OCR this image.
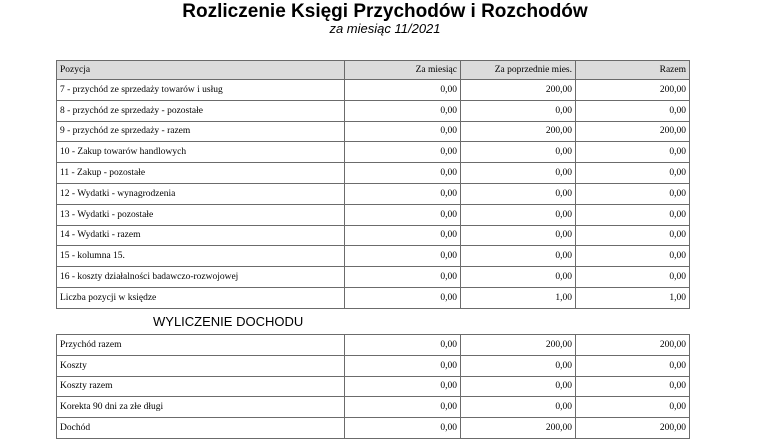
Rozliczenie Księgi Przychodów i Rozchodów
za miesiąc 11/2021
Pozycja	Za miesiąc	Za poprzednie mies.	Razem
7 - przychód ze sprzedaży towarów i usług	0,00	200,00	200,00
8 - przychód ze sprzedaży - pozostałe	0,00	0,00	0,00
9 - przychód ze sprzedaży - razem	0,00	200,00	200,00
10 - Zakup towarów handlowych	0,00	0,00	0,00
11 - Zakup - pozostałe	0,00	0,00	0,00
12 - Wydatki - wynagrodzenia	0,00	0,00	0,00
13 - Wydatki - pozostałe	0,00	0,00	0,00
14 - Wydatki - razem	0,00	0,00	0,00
15 - kolumna 15.	0,00	0,00	0,00
16 - koszty działalności badawczo-rozwojowej	0,00	0,00	0,00
Liczba pozycji w księdze	0,00	1,00	1,00
WYLICZENIE DOCHODU
Przychód razem	0,00	200,00	200,00
Koszty	0,00	0,00	0,00
Koszty razem	0,00	0,00	0,00
Korekta 90 dni za złe długi	0,00	0,00	0,00
Dochód	0,00	200,00	200,00
